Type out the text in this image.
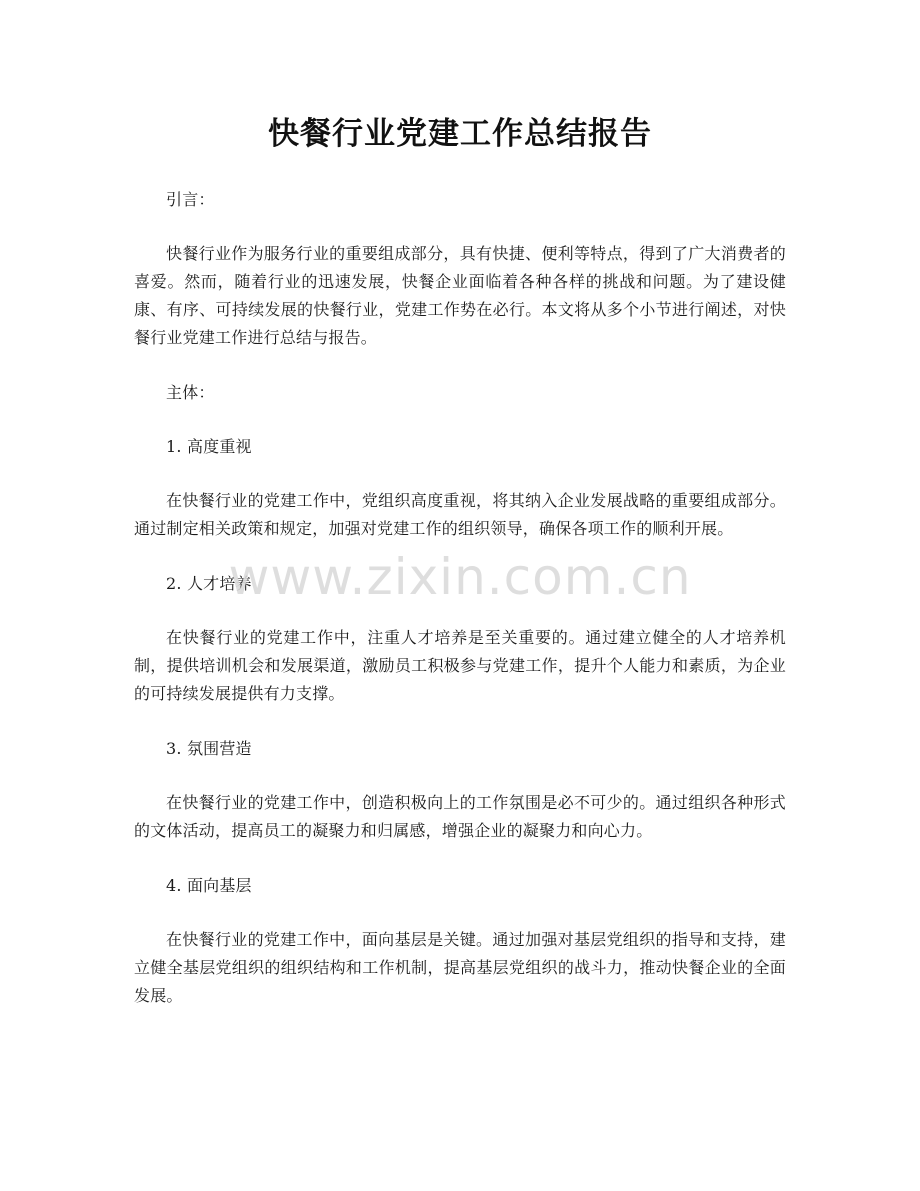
快餐行业党建工作总结报告

引言：

快餐行业作为服务行业的重要组成部分，具有快捷、便利等特点，得到了广大消费者的喜爱。然而，随着行业的迅速发展，快餐企业面临着各种各样的挑战和问题。为了建设健康、有序、可持续发展的快餐行业，党建工作势在必行。本文将从多个小节进行阐述，对快餐行业党建工作进行总结与报告。

主体：

1. 高度重视

在快餐行业的党建工作中，党组织高度重视，将其纳入企业发展战略的重要组成部分。通过制定相关政策和规定，加强对党建工作的组织领导，确保各项工作的顺利开展。

2. 人才培养

在快餐行业的党建工作中，注重人才培养是至关重要的。通过建立健全的人才培养机制，提供培训机会和发展渠道，激励员工积极参与党建工作，提升个人能力和素质，为企业的可持续发展提供有力支撑。

3. 氛围营造

在快餐行业的党建工作中，创造积极向上的工作氛围是必不可少的。通过组织各种形式的文体活动，提高员工的凝聚力和归属感，增强企业的凝聚力和向心力。

4. 面向基层

在快餐行业的党建工作中，面向基层是关键。通过加强对基层党组织的指导和支持，建立健全基层党组织的组织结构和工作机制，提高基层党组织的战斗力，推动快餐企业的全面发展。

www.zixin.com.cn
